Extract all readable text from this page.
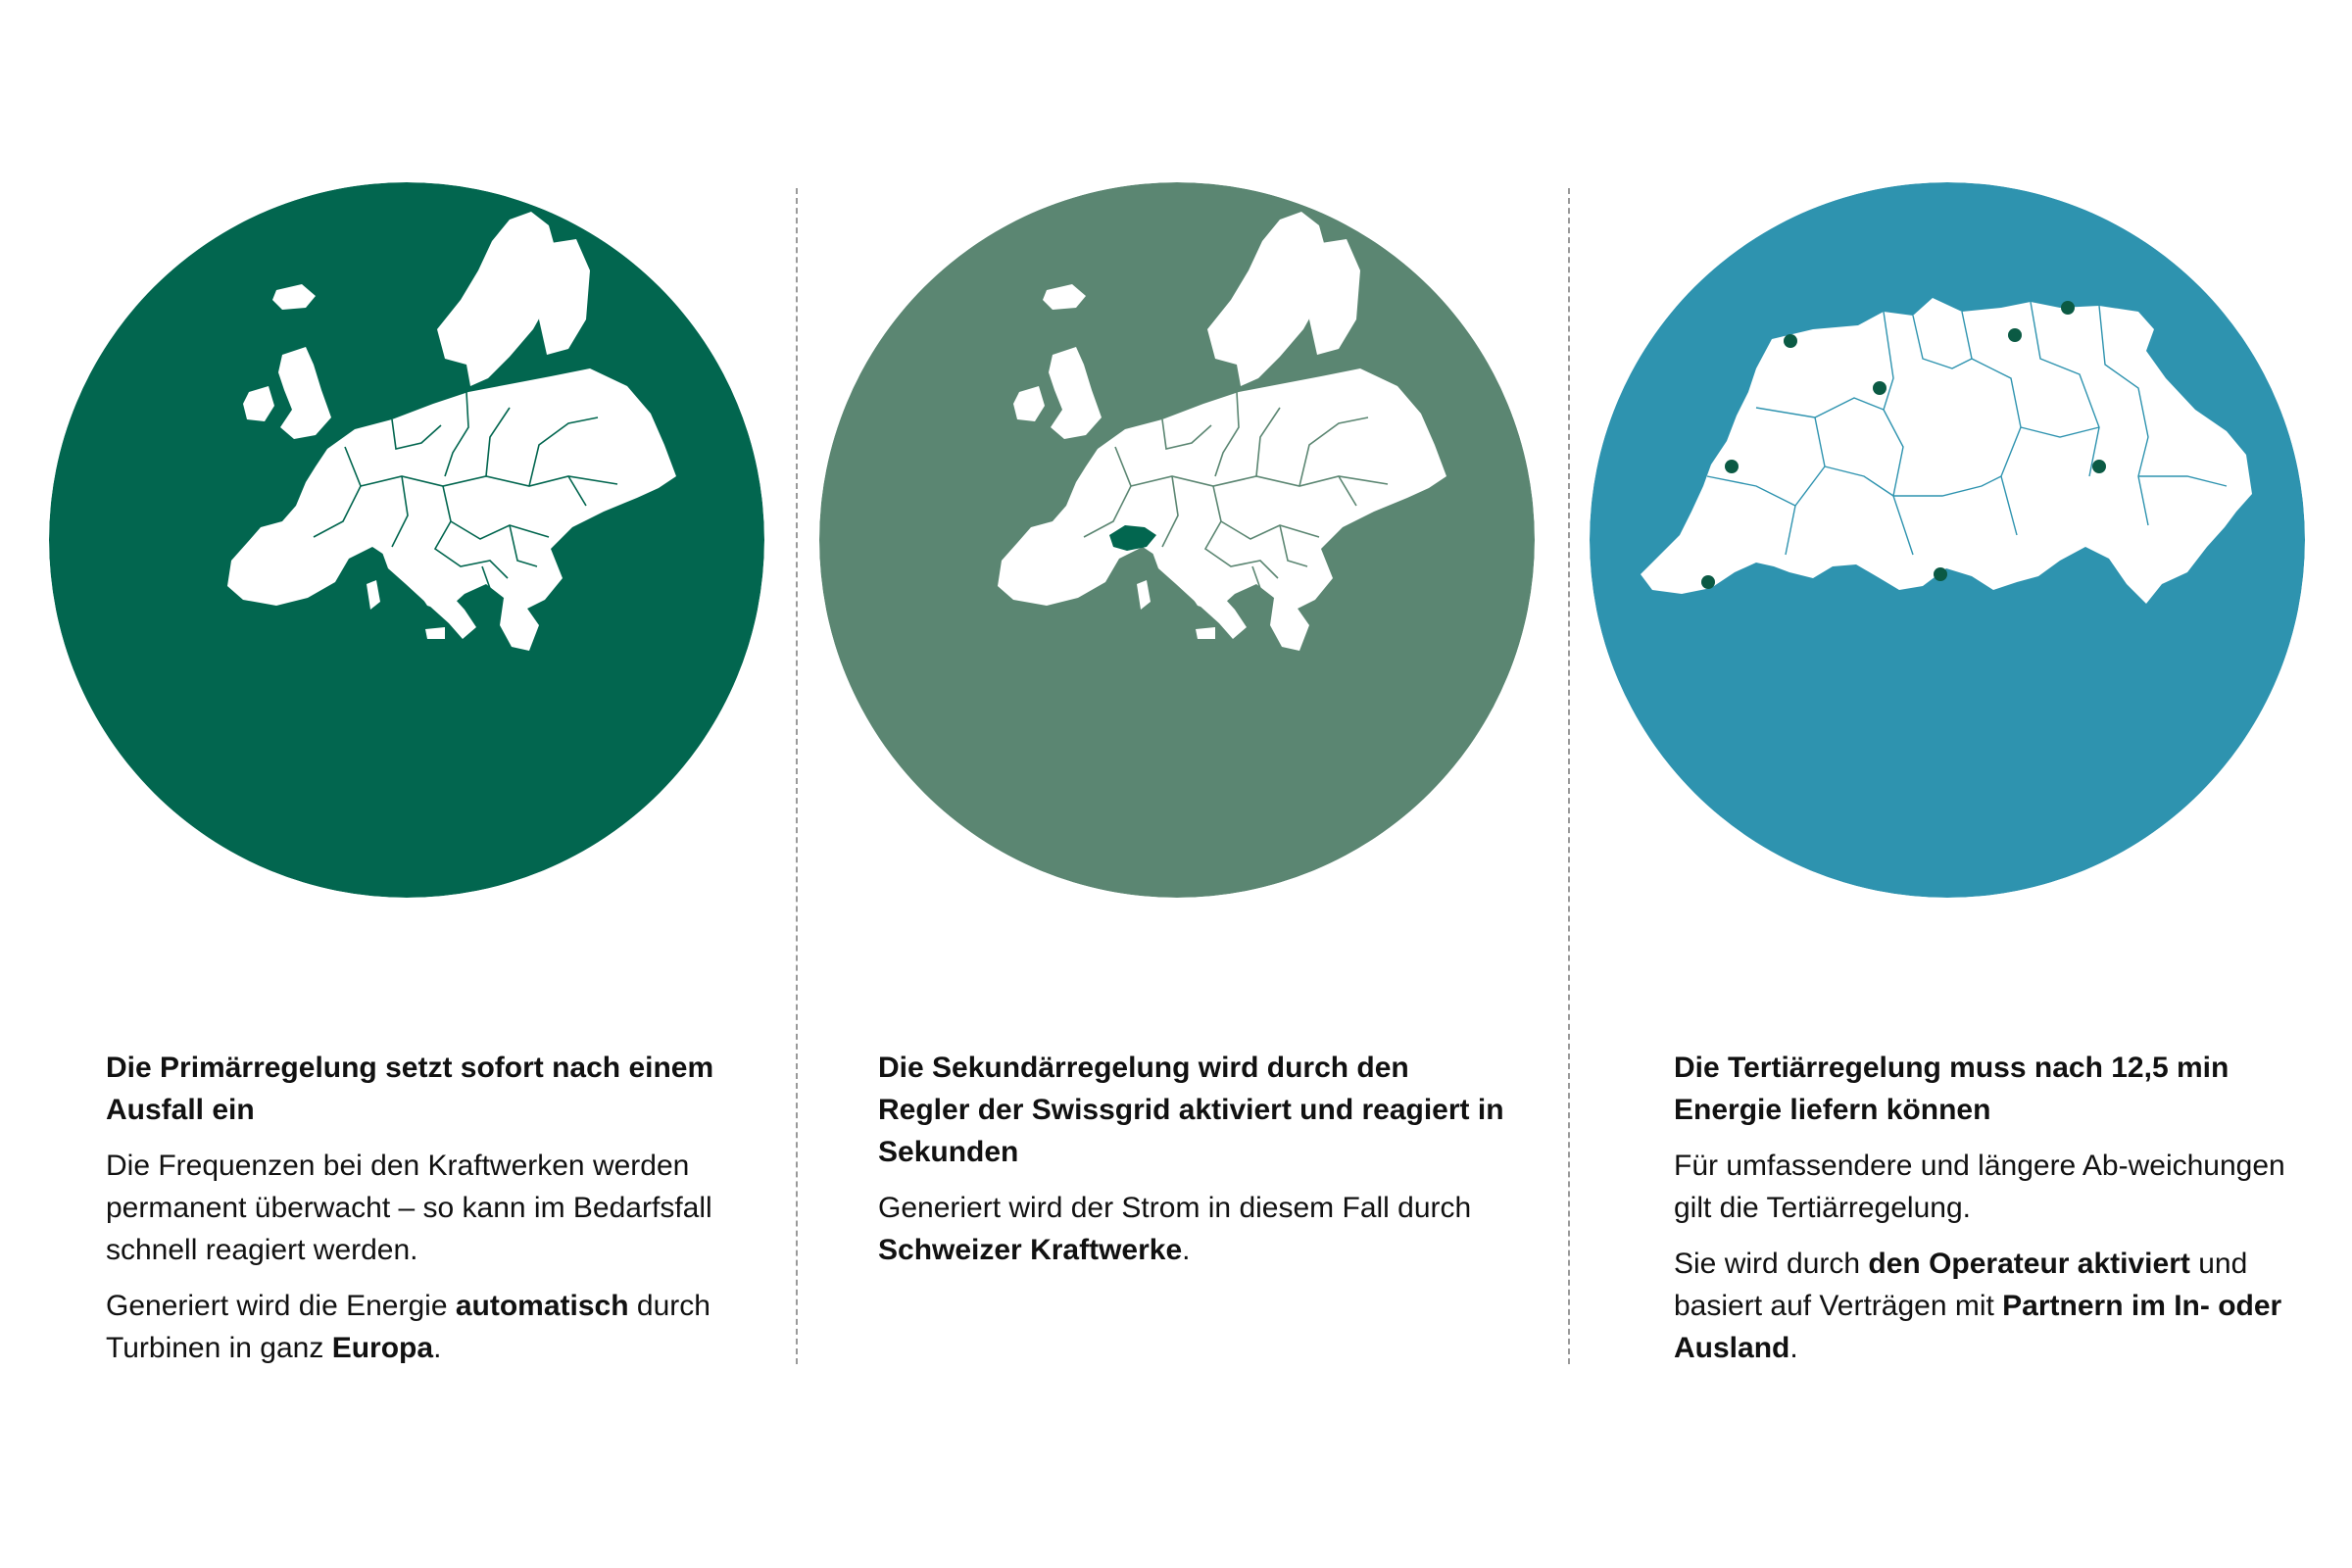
Die Primärregelung setzt sofort nach einem Ausfall ein

Die Frequenzen bei den Kraftwerken werden permanent überwacht – so kann im Bedarfsfall schnell reagiert werden.

Generiert wird die Energie automatisch durch Turbinen in ganz Europa.

Die Sekundärregelung wird durch den Regler der Swissgrid aktiviert und reagiert in Sekunden

Generiert wird der Strom in diesem Fall durch Schweizer Kraftwerke.

Die Tertiärregelung muss nach 12,5 min Energie liefern können

Für umfassendere und längere Ab-weichungen gilt die Tertiärregelung.

Sie wird durch den Operateur aktiviert und basiert auf Verträgen mit Partnern im In- oder Ausland.
